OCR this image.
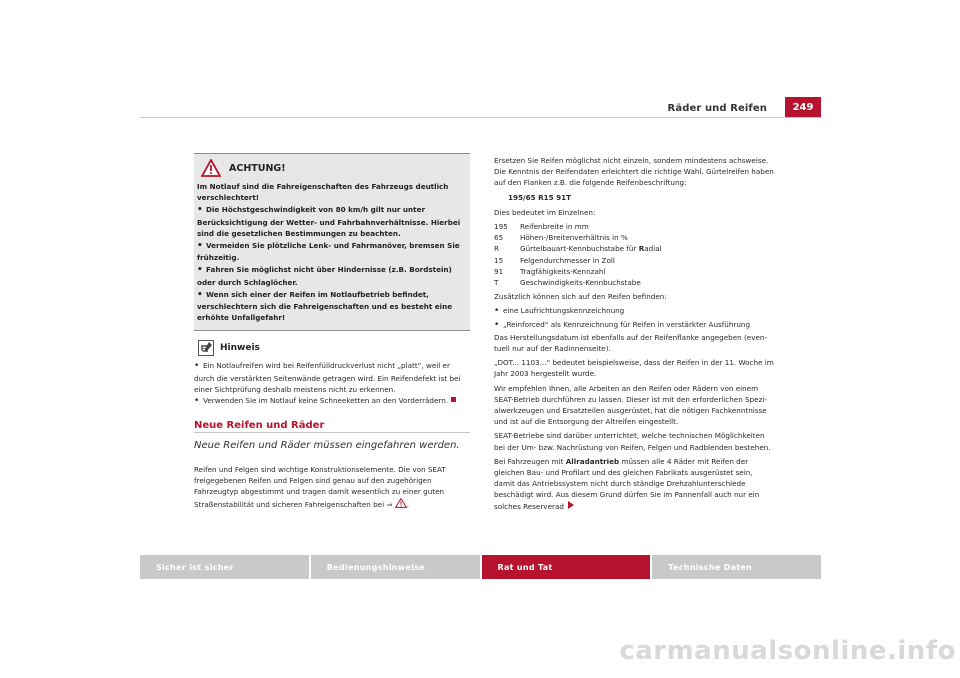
Räder und Reifen	249
ACHTUNG!

Im Notlauf sind die Fahreigenschaften des Fahrzeugs deutlich verschlechtert!

• Die Höchstgeschwindigkeit von 80 km/h gilt nur unter Berücksichtigung der Wetter- und Fahrbahnverhältnisse. Hierbei sind die gesetzlichen Bestimmungen zu beachten.

• Vermeiden Sie plötzliche Lenk- und Fahrmanöver, bremsen Sie frühzeitig.

• Fahren Sie möglichst nicht über Hindernisse (z.B. Bordstein) oder durch Schlaglöcher.

• Wenn sich einer der Reifen im Notlaufbetrieb befindet, verschlechtern sich die Fahreigenschaften und es besteht eine erhöhte Unfallgefahr!

Hinweis

• Ein Notlaufreifen wird bei Reifenfülldruckverlust nicht „platt“, weil er durch die verstärkten Seitenwände getragen wird. Ein Reifendefekt ist bei einer Sichtprüfung deshalb meistens nicht zu erkennen.

• Verwenden Sie im Notlauf keine Schneeketten an den Vorderrädern.

Neue Reifen und Räder
Neue Reifen und Räder müssen eingefahren werden.

Reifen und Felgen sind wichtige Konstruktionselemente. Die von SEAT freigegebenen Reifen und Felgen sind genau auf den zugehörigen Fahrzeugtyp abgestimmt und tragen damit wesentlich zu einer guten Straßenstabilität und sicheren Fahreigenschaften bei ⇒ .

Ersetzen Sie Reifen möglichst nicht einzeln, sondern mindestens achsweise. Die Kenntnis der Reifendaten erleichtert die richtige Wahl. Gürtelreifen haben auf den Flanken z.B. die folgende Reifenbeschriftung:

195/65 R15 91T

Dies bedeutet im Einzelnen:

195	Reifenbreite in mm
65	Höhen-/Breitenverhältnis in %
R	Gürtelbauart-Kennbuchstabe für Radial
15	Felgendurchmesser in Zoll
91	Tragfähigkeits-Kennzahl
T	Geschwindigkeits-Kennbuchstabe

Zusätzlich können sich auf den Reifen befinden:

• eine Laufrichtungskennzeichnung

• „Reinforced“ als Kennzeichnung für Reifen in verstärkter Ausführung

Das Herstellungsdatum ist ebenfalls auf der Reifenflanke angegeben (eventuell nur auf der Radinnenseite).

„DOT... 1103...“ bedeutet beispielsweise, dass der Reifen in der 11. Woche im Jahr 2003 hergestellt wurde.

Wir empfehlen Ihnen, alle Arbeiten an den Reifen oder Rädern von einem SEAT-Betrieb durchführen zu lassen. Dieser ist mit den erforderlichen Spezialwerkzeugen und Ersatzteilen ausgerüstet, hat die nötigen Fachkenntnisse und ist auf die Entsorgung der Altreifen eingestellt.

SEAT-Betriebe sind darüber unterrichtet, welche technischen Möglichkeiten bei der Um- bzw. Nachrüstung von Reifen, Felgen und Radblenden bestehen.

Bei Fahrzeugen mit Allradantrieb müssen alle 4 Räder mit Reifen der gleichen Bau- und Profilart und des gleichen Fabrikats ausgerüstet sein, damit das Antriebssystem nicht durch ständige Drehzahlunterschiede beschädigt wird. Aus diesem Grund dürfen Sie im Pannenfall auch nur ein solches Reserverad

Sicher ist sicher	Bedienungshinweise	Rat und Tat	Technische Daten
carmanualsonline.info
